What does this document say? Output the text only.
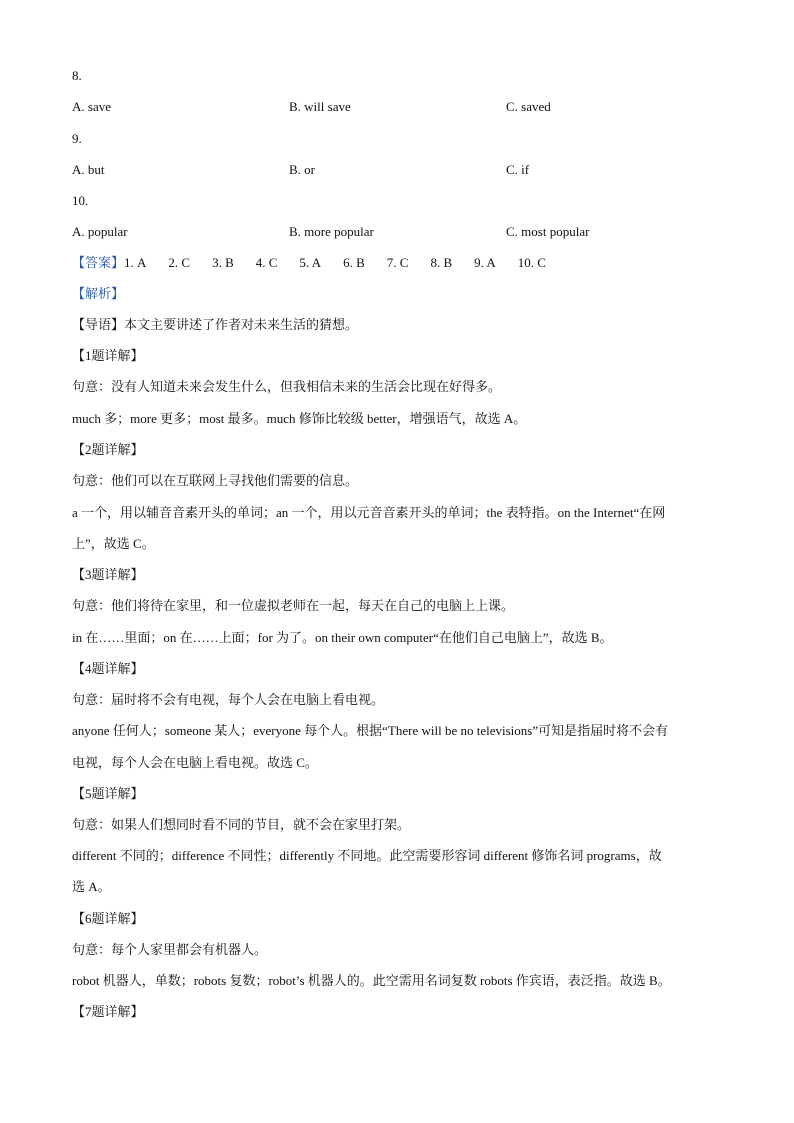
8.
A. save	B. will save	C. saved
9.
A. but	B. or	C. if
10.
A. popular	B. more popular	C. most popular
【答案】1. A 2. C 3. B 4. C 5. A 6. B 7. C 8. B 9. A 10. C
【解析】
【导语】本文主要讲述了作者对未来生活的猜想。
【1题详解】
句意：没有人知道未来会发生什么，但我相信未来的生活会比现在好得多。
much 多；more 更多；most 最多。much 修饰比较级 better，增强语气，故选 A。
【2题详解】
句意：他们可以在互联网上寻找他们需要的信息。
a 一个，用以辅音音素开头的单词；an 一个，用以元音音素开头的单词；the 表特指。on the Internet“在网
上”，故选 C。
【3题详解】
句意：他们将待在家里，和一位虚拟老师在一起，每天在自己的电脑上上课。
in 在……里面；on 在……上面；for 为了。on their own computer“在他们自己电脑上”，故选 B。
【4题详解】
句意：届时将不会有电视，每个人会在电脑上看电视。
anyone 任何人；someone 某人；everyone 每个人。根据“There will be no televisions”可知是指届时将不会有
电视，每个人会在电脑上看电视。故选 C。
【5题详解】
句意：如果人们想同时看不同的节目，就不会在家里打架。
different 不同的；difference 不同性；differently 不同地。此空需要形容词 different 修饰名词 programs，故
选 A。
【6题详解】
句意：每个人家里都会有机器人。
robot 机器人，单数；robots 复数；robot’s 机器人的。此空需用名词复数 robots 作宾语，表泛指。故选 B。
【7题详解】
